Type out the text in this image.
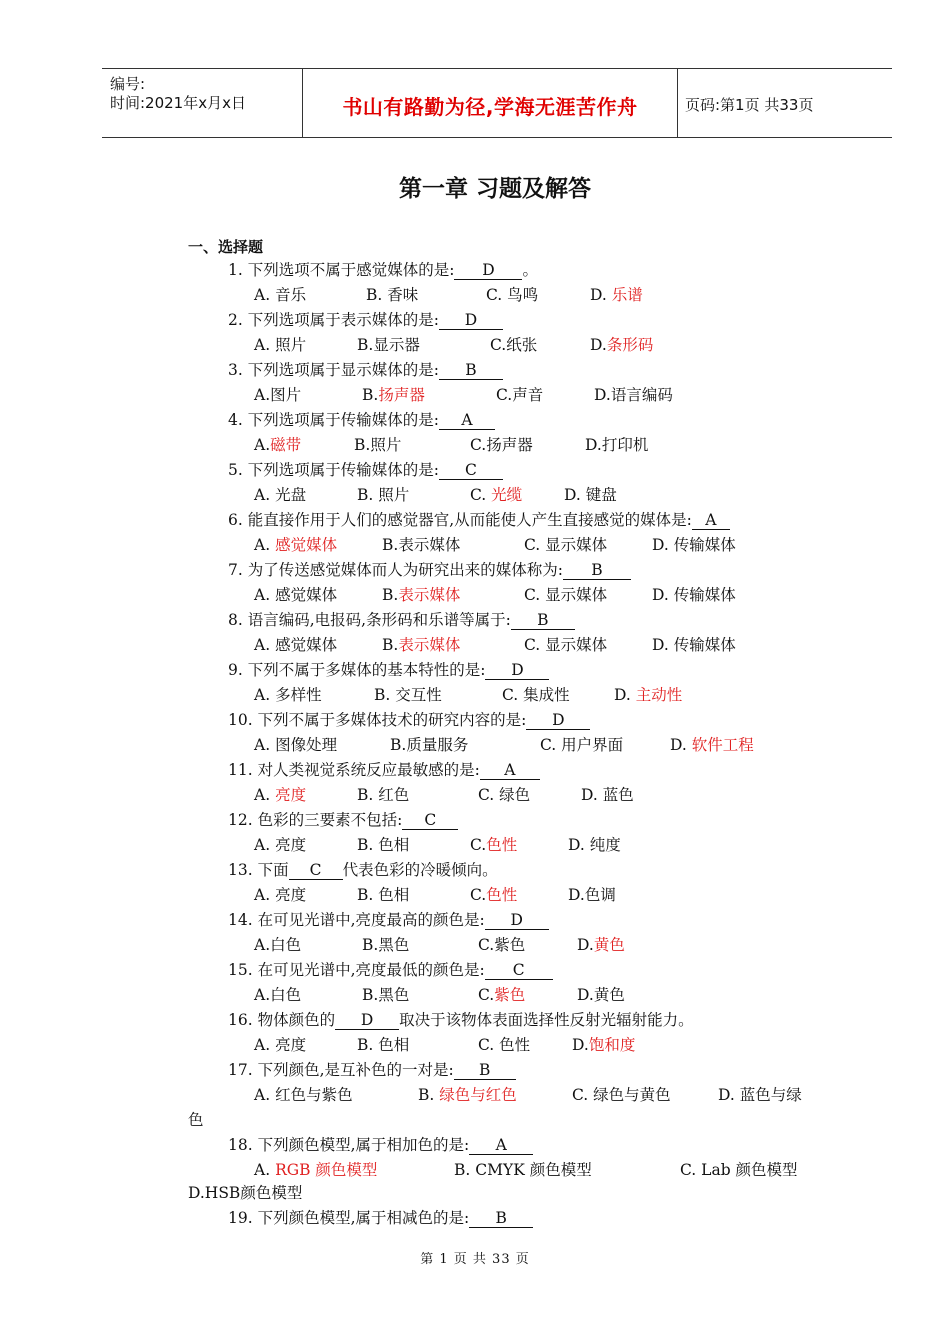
编号:
时间:2021年x月x日	书山有路勤为径,学海无涯苦作舟	页码:第1页 共33页
第一章 习题及解答
一、选择题
1. 下列选项不属于感觉媒体的是: D 。
A. 音乐	B. 香味	C. 鸟鸣	D. 乐谱
2. 下列选项属于表示媒体的是: D
A. 照片	B.显示器	C.纸张	D.条形码
3. 下列选项属于显示媒体的是: B
A.图片	B.扬声器	C.声音	D.语言编码
4. 下列选项属于传输媒体的是: A
A.磁带	B.照片	C.扬声器	D.打印机
5. 下列选项属于传输媒体的是: C
A. 光盘	B. 照片	C. 光缆	D. 键盘
6. 能直接作用于人们的感觉器官,从而能使人产生直接感觉的媒体是: A
A. 感觉媒体	B.表示媒体	C. 显示媒体	D. 传输媒体
7. 为了传送感觉媒体而人为研究出来的媒体称为: B
A. 感觉媒体	B.表示媒体	C. 显示媒体	D. 传输媒体
8. 语言编码,电报码,条形码和乐谱等属于: B
A. 感觉媒体	B.表示媒体	C. 显示媒体	D. 传输媒体
9. 下列不属于多媒体的基本特性的是: D
A. 多样性	B. 交互性	C. 集成性	D. 主动性
10. 下列不属于多媒体技术的研究内容的是: D
A. 图像处理	B.质量服务	C. 用户界面	D. 软件工程
11. 对人类视觉系统反应最敏感的是: A
A. 亮度	B. 红色	C. 绿色	D. 蓝色
12. 色彩的三要素不包括: C
A. 亮度	B. 色相	C.色性	D. 纯度
13. 下面 C 代表色彩的冷暖倾向。
A. 亮度	B. 色相	C.色性	D.色调
14. 在可见光谱中,亮度最高的颜色是: D
A.白色	B.黑色	C.紫色	D.黄色
15. 在可见光谱中,亮度最低的颜色是: C
A.白色	B.黑色	C.紫色	D.黄色
16. 物体颜色的 D 取决于该物体表面选择性反射光辐射能力。
A. 亮度	B. 色相	C. 色性	D.饱和度
17. 下列颜色,是互补色的一对是: B
A. 红色与紫色	B. 绿色与红色	C. 绿色与黄色	D. 蓝色与绿
色
18. 下列颜色模型,属于相加色的是: A
A. RGB 颜色模型	B. CMYK 颜色模型	C. Lab 颜色模型
D.HSB颜色模型
19. 下列颜色模型,属于相减色的是: B
第 1 页 共 33 页
